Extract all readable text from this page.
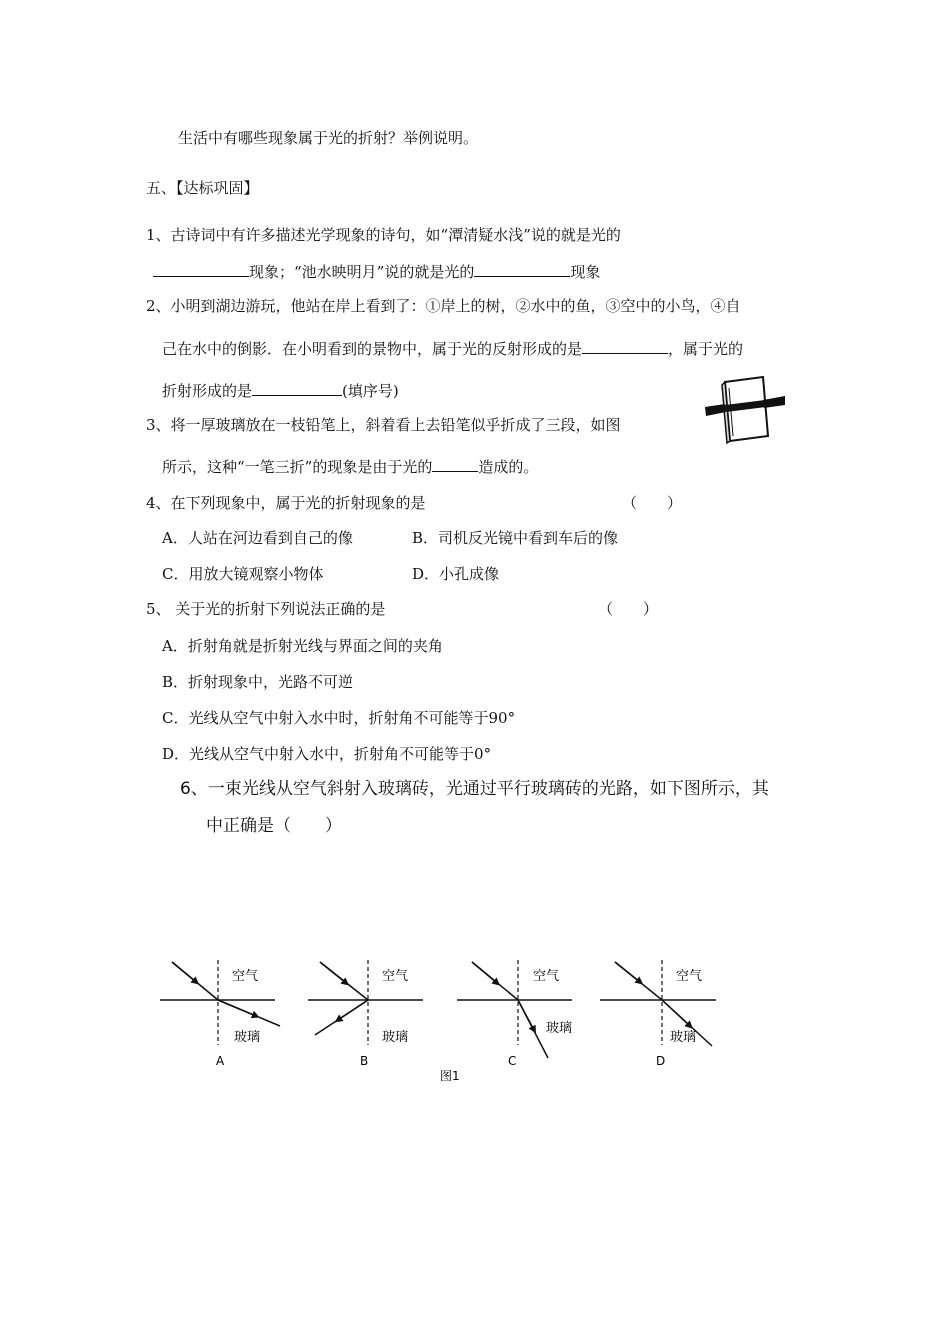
生活中有哪些现象属于光的折射？举例说明。
五、【达标巩固】
1、古诗词中有许多描述光学现象的诗句，如“潭清疑水浅”说的就是光的
现象；“池水映明月”说的就是光的	现象
2、小明到湖边游玩，他站在岸上看到了：①岸上的树，②水中的鱼，③空中的小鸟，④自
己在水中的倒影．在小明看到的景物中，属于光的反射形成的是	，属于光的
折射形成的是	(填序号)
3、将一厚玻璃放在一枝铅笔上，斜着看上去铅笔似乎折成了三段，如图
所示，这种“一笔三折”的现象是由于光的	造成的。
4、在下列现象中，属于光的折射现象的是	（　　）
A．人站在河边看到自己的像	B．司机反光镜中看到车后的像
C．用放大镜观察小物体	D．小孔成像
5、 关于光的折射下列说法正确的是	（　　）
A．折射角就是折射光线与界面之间的夹角
B．折射现象中，光路不可逆
C．光线从空气中射入水中时，折射角不可能等于90°
D．光线从空气中射入水中，折射角不可能等于0°
6、一束光线从空气斜射入玻璃砖，光通过平行玻璃砖的光路，如下图所示，其
中正确是（　　）
空气
玻璃
A
空气
玻璃
B
空气
玻璃
C
空气
玻璃
D
图1
